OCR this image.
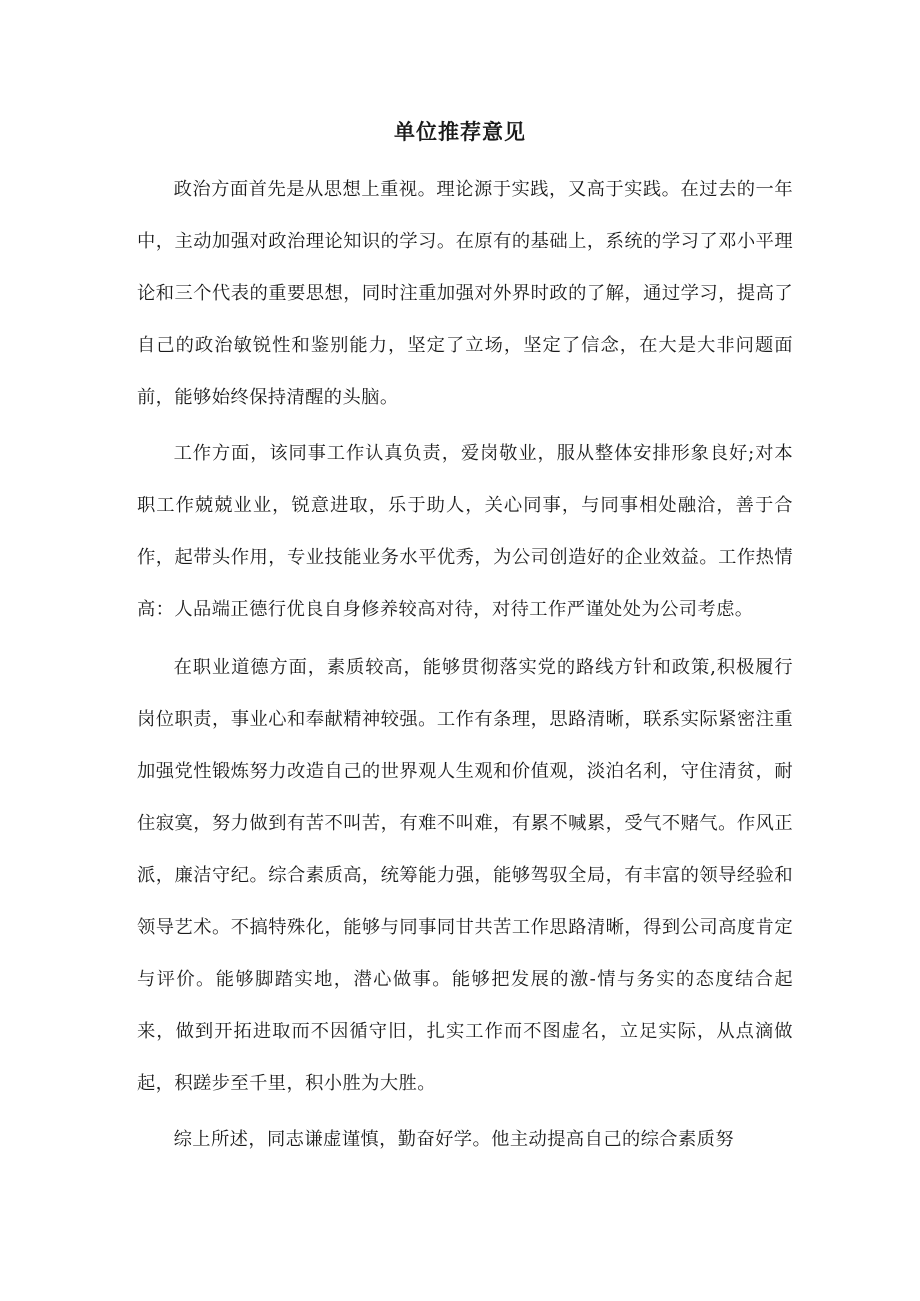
单位推荐意见

政治方面首先是从思想上重视。理论源于实践，又高于实践。在过去的一年中，主动加强对政治理论知识的学习。在原有的基础上，系统的学习了邓小平理论和三个代表的重要思想，同时注重加强对外界时政的了解，通过学习，提高了自己的政治敏锐性和鉴别能力，坚定了立场，坚定了信念，在大是大非问题面前，能够始终保持清醒的头脑。

工作方面，该同事工作认真负责，爱岗敬业，服从整体安排形象良好;对本职工作兢兢业业，锐意进取，乐于助人，关心同事，与同事相处融洽，善于合作，起带头作用，专业技能业务水平优秀，为公司创造好的企业效益。工作热情高：人品端正德行优良自身修养较高对待，对待工作严谨处处为公司考虑。

在职业道德方面，素质较高，能够贯彻落实党的路线方针和政策,积极履行岗位职责，事业心和奉献精神较强。工作有条理，思路清晰，联系实际紧密注重加强党性锻炼努力改造自己的世界观人生观和价值观，淡泊名利，守住清贫，耐住寂寞，努力做到有苦不叫苦，有难不叫难，有累不喊累，受气不赌气。作风正派，廉洁守纪。综合素质高，统筹能力强，能够驾驭全局，有丰富的领导经验和领导艺术。不搞特殊化，能够与同事同甘共苦工作思路清晰，得到公司高度肯定与评价。能够脚踏实地，潜心做事。能够把发展的激-情与务实的态度结合起来，做到开拓进取而不因循守旧，扎实工作而不图虚名，立足实际，从点滴做起，积蹉步至千里，积小胜为大胜。

综上所述，同志谦虚谨慎，勤奋好学。他主动提高自己的综合素质努
